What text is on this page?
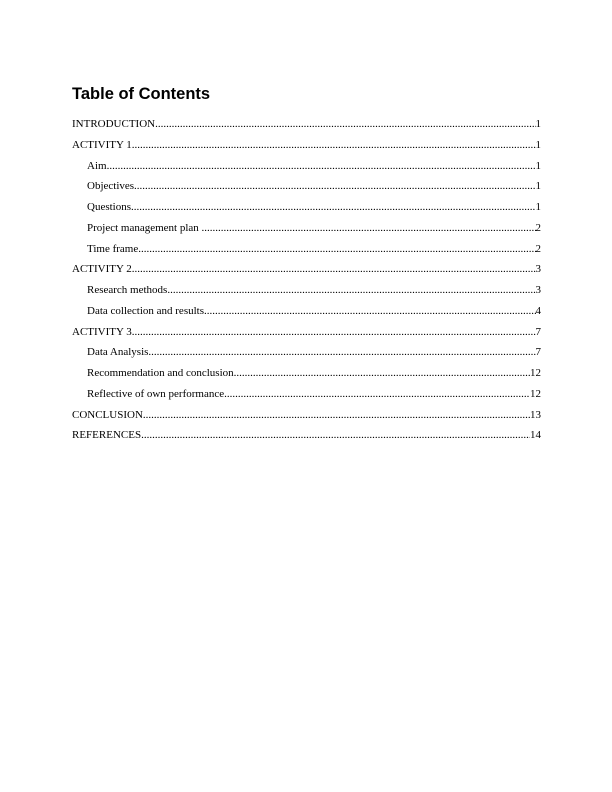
Table of Contents
INTRODUCTION .....	1
ACTIVITY 1 .....	1
Aim .....	1
Objectives .....	1
Questions .....	1
Project management plan .....	2
Time frame .....	2
ACTIVITY 2 .....	3
Research methods .....	3
Data collection and results .....	4
ACTIVITY 3 .....	7
Data Analysis .....	7
Recommendation and conclusion .....	12
Reflective of own performance .....	12
CONCLUSION .....	13
REFERENCES .....	14
